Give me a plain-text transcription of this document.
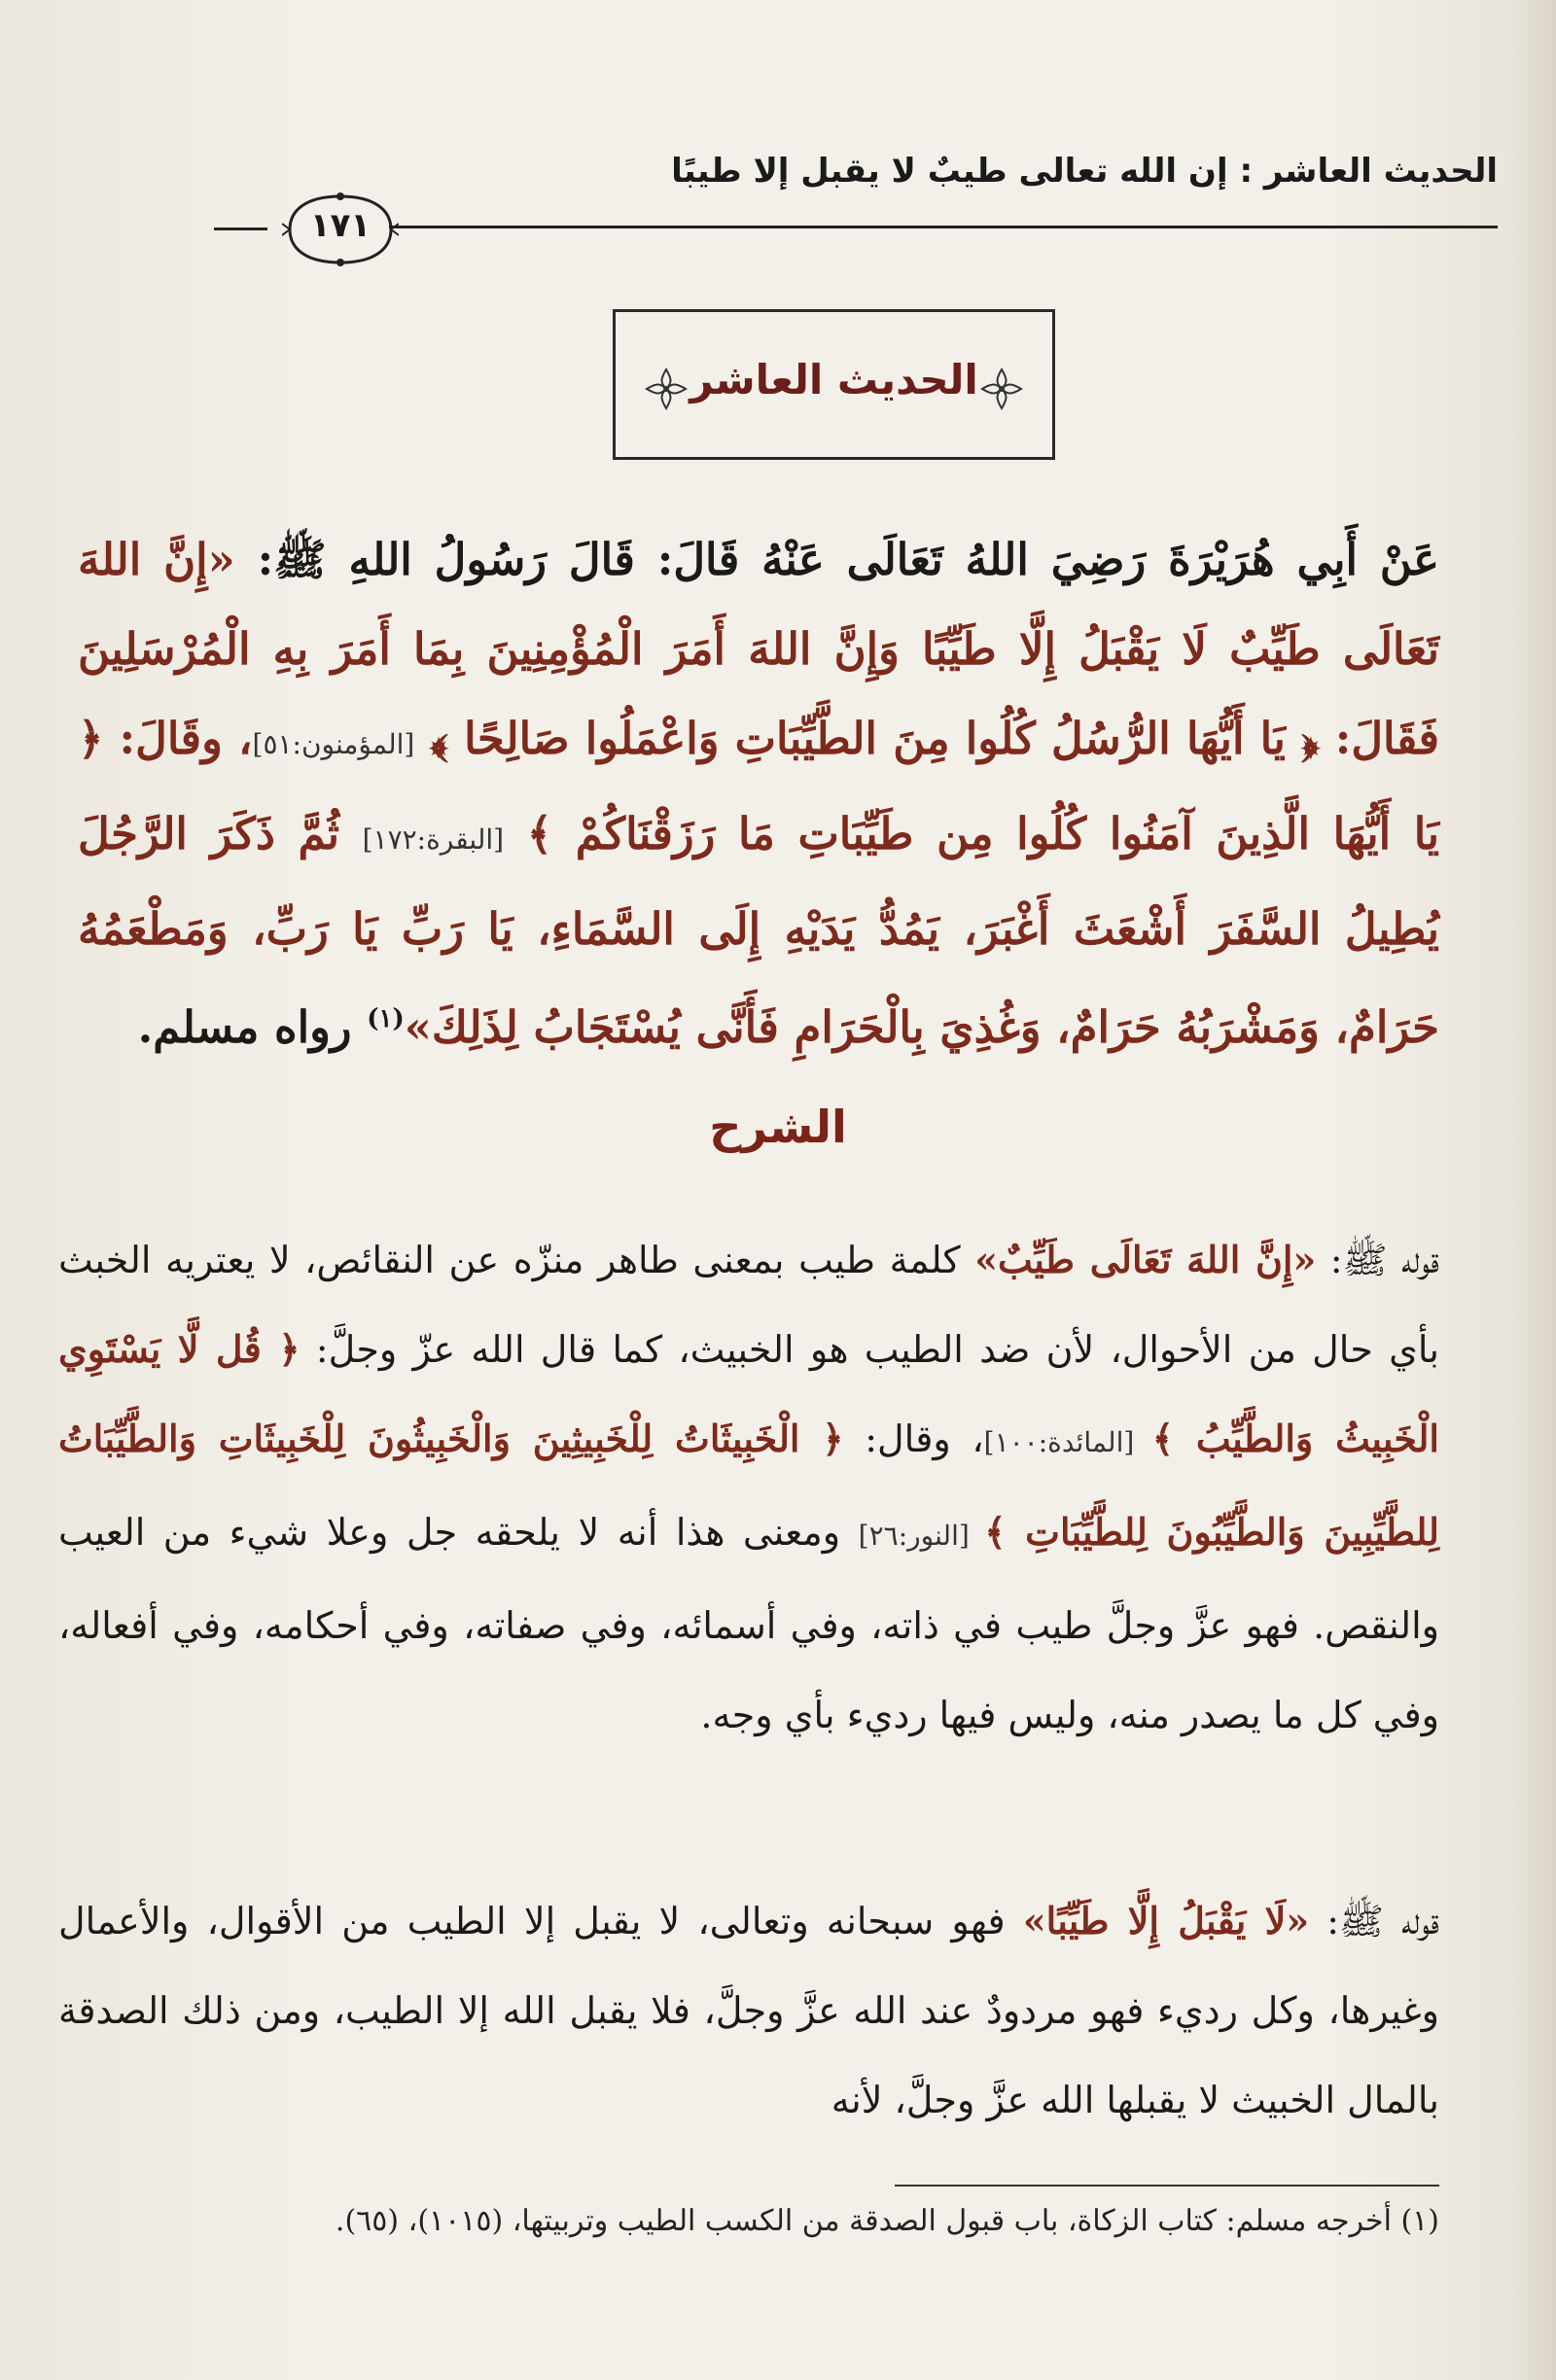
الحديث العاشر : إن الله تعالى طيبٌ لا يقبل إلا طيبًا
١٧١
الحديث العاشر
عَنْ أَبِي هُرَيْرَةَ رَضِيَ اللهُ تَعَالَى عَنْهُ قَالَ: قَالَ رَسُولُ اللهِ ﷺ: «إِنَّ اللهَ تَعَالَى طَيِّبٌ لَا يَقْبَلُ إِلَّا طَيِّبًا وَإِنَّ اللهَ أَمَرَ الْمُؤْمِنِينَ بِمَا أَمَرَ بِهِ الْمُرْسَلِينَ فَقَالَ: ﴿ يَا أَيُّهَا الرُّسُلُ كُلُوا مِنَ الطَّيِّبَاتِ وَاعْمَلُوا صَالِحًا ﴾ [المؤمنون:٥١]، وقَالَ: ﴿ يَا أَيُّهَا الَّذِينَ آمَنُوا كُلُوا مِن طَيِّبَاتِ مَا رَزَقْنَاكُمْ ﴾ [البقرة:١٧٢] ثُمَّ ذَكَرَ الرَّجُلَ يُطِيلُ السَّفَرَ أَشْعَثَ أَغْبَرَ، يَمُدُّ يَدَيْهِ إِلَى السَّمَاءِ، يَا رَبِّ يَا رَبِّ، وَمَطْعَمُهُ حَرَامٌ، وَمَشْرَبُهُ حَرَامٌ، وَغُذِيَ بِالْحَرَامِ فَأَنَّى يُسْتَجَابُ لِذَلِكَ»$^{(١)}$ رواه مسلم.
الشرح
قوله ﷺ: «إِنَّ اللهَ تَعَالَى طَيِّبٌ» كلمة طيب بمعنى طاهر منزّه عن النقائص، لا يعتريه الخبث بأي حال من الأحوال، لأن ضد الطيب هو الخبيث، كما قال الله عزّ وجلَّ: ﴿ قُل لَّا يَسْتَوِي الْخَبِيثُ وَالطَّيِّبُ ﴾ [المائدة:١٠٠]، وقال: ﴿ الْخَبِيثَاتُ لِلْخَبِيثِينَ وَالْخَبِيثُونَ لِلْخَبِيثَاتِ وَالطَّيِّبَاتُ لِلطَّيِّبِينَ وَالطَّيِّبُونَ لِلطَّيِّبَاتِ ﴾ [النور:٢٦] ومعنى هذا أنه لا يلحقه جل وعلا شيء من العيب والنقص. فهو عزَّ وجلَّ طيب في ذاته، وفي أسمائه، وفي صفاته، وفي أحكامه، وفي أفعاله، وفي كل ما يصدر منه، وليس فيها رديء بأي وجه.
قوله ﷺ: «لَا يَقْبَلُ إِلَّا طَيِّبًا» فهو سبحانه وتعالى، لا يقبل إلا الطيب من الأقوال، والأعمال وغيرها، وكل رديء فهو مردودٌ عند الله عزَّ وجلَّ، فلا يقبل الله إلا الطيب، ومن ذلك الصدقة بالمال الخبيث لا يقبلها الله عزَّ وجلَّ، لأنه
(١) أخرجه مسلم: كتاب الزكاة، باب قبول الصدقة من الكسب الطيب وتربيتها، (١٠١٥)، (٦٥).
